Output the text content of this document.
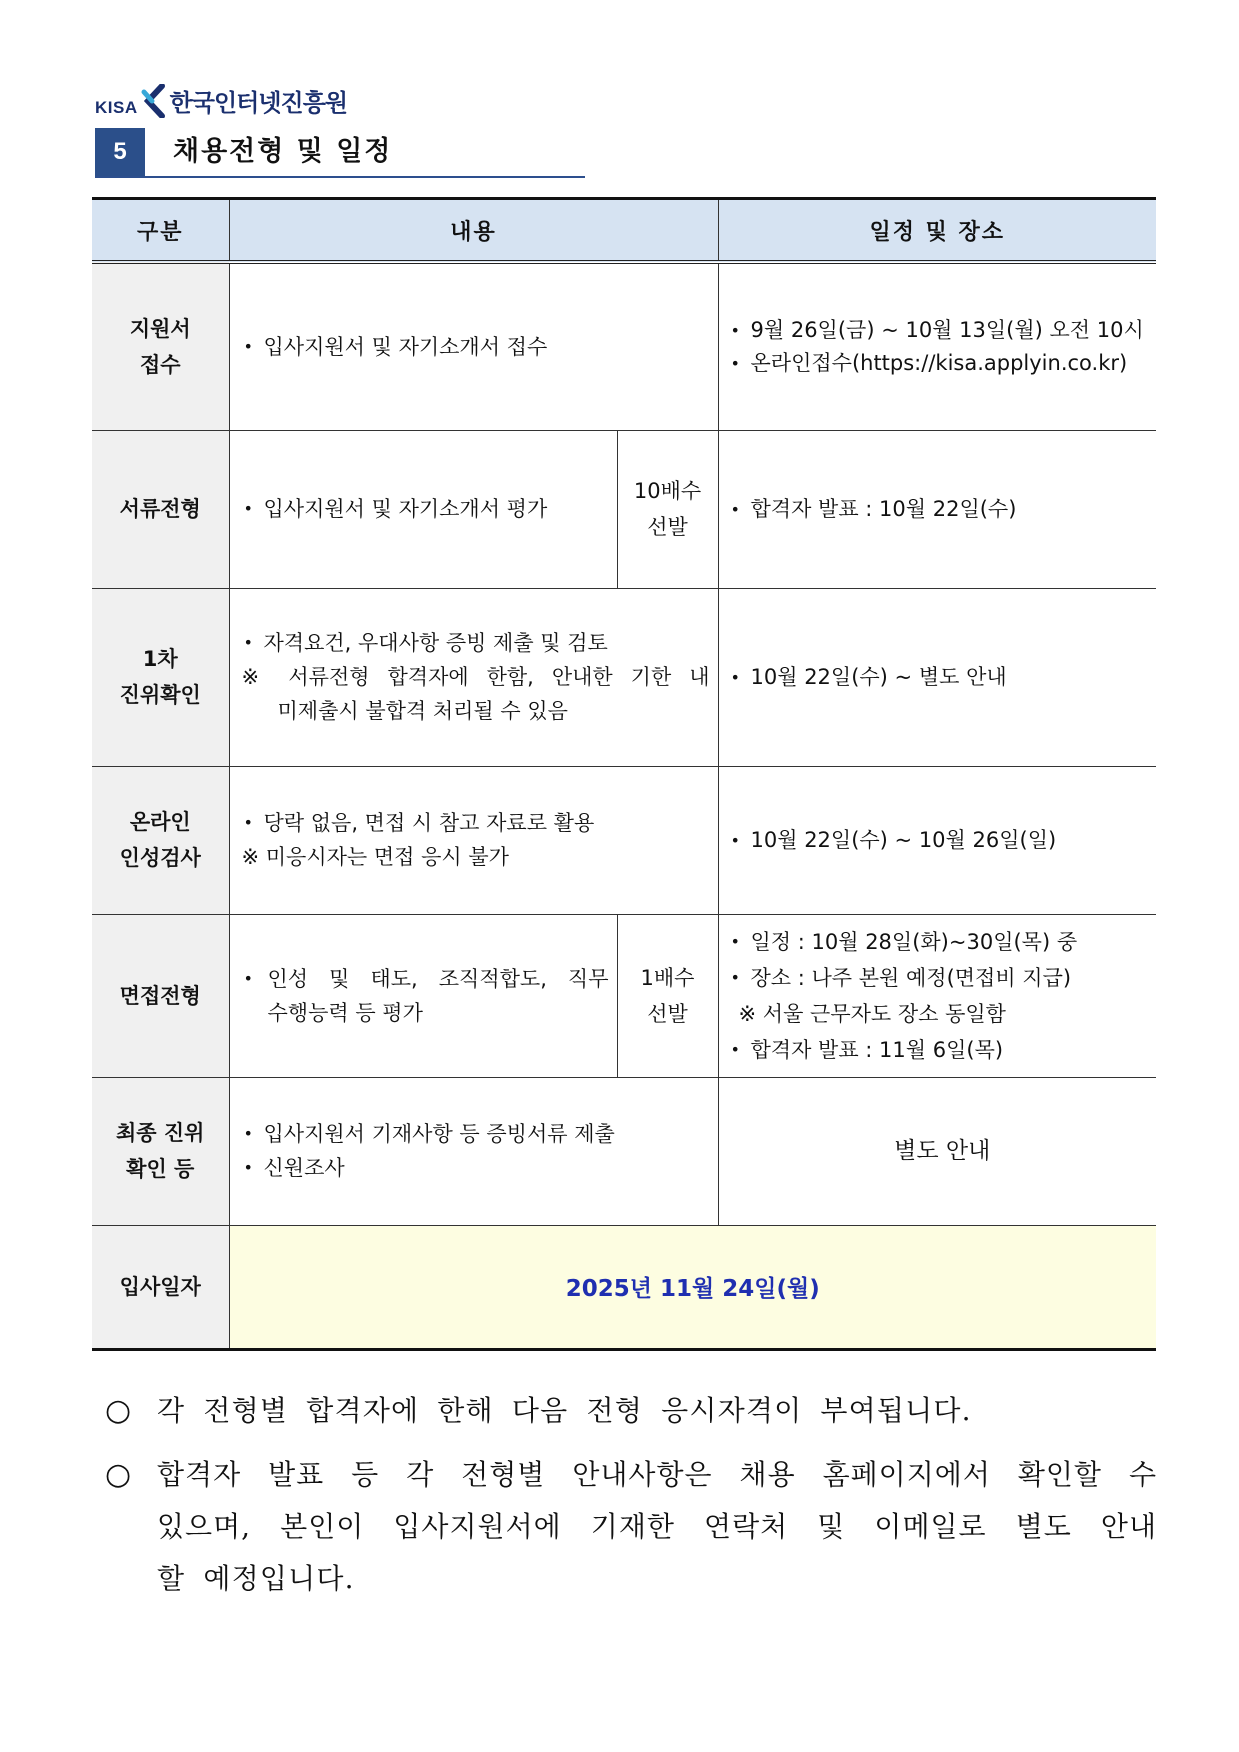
KISA 한국인터넷진흥원
5	채용전형 및 일정
구분	내용		일정 및 장소

지원서
접수	• 입사지원서 및 자기소개서 접수		• 9월 26일(금) ~ 10월 13일(월) 오전 10시
• 온라인접수(https://kisa.applyin.co.kr)

서류전형	• 입사지원서 및 자기소개서 평가	10배수
선발	• 합격자 발표 : 10월 22일(수)

1차
진위확인	• 자격요건, 우대사항 증빙 제출 및 검토
※ 서류전형 합격자에 한함, 안내한 기한 내
미제출시 불합격 처리될 수 있음		• 10월 22일(수) ~ 별도 안내

온라인
인성검사	• 당락 없음, 면접 시 참고 자료로 활용
※ 미응시자는 면접 응시 불가		• 10월 22일(수) ~ 10월 26일(일)

면접전형	• 인성 및 태도, 조직적합도, 직무
수행능력 등 평가	1배수
선발	• 일정 : 10월 28일(화)~30일(목) 중
• 장소 : 나주 본원 예정(면접비 지급)
※ 서울 근무자도 장소 동일함
• 합격자 발표 : 11월 6일(목)

최종 진위
확인 등	• 입사지원서 기재사항 등 증빙서류 제출
• 신원조사		별도 안내
입사일자	2025년 11월 24일(월)		
○ 각 전형별 합격자에 한해 다음 전형 응시자격이 부여됩니다.
○ 합격자 발표 등 각 전형별 안내사항은 채용 홈페이지에서 확인할 수
있으며, 본인이 입사지원서에 기재한 연락처 및 이메일로 별도 안내
할 예정입니다.
